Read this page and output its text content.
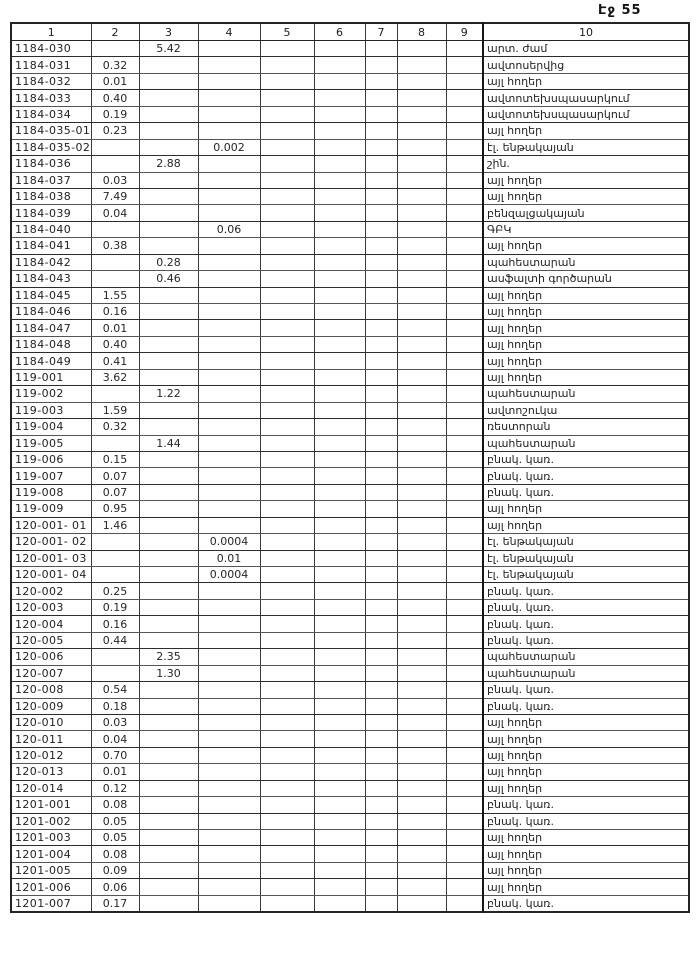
Էջ 55
1	2	3	4	5	6	7	8	9	10
1184-030		5.42							արտ. ժամ
1184-031	0.32								ավտոսերվից
1184-032	0.01								այլ հողեր
1184-033	0.40								ավտոտեխսպասարկում
1184-034	0.19								ավտոտեխսպասարկում
1184-035-01	0.23								այլ հողեր
1184-035-02			0.002						էլ. ենթակայան
1184-036		2.88							շին.
1184-037	0.03								այլ հողեր
1184-038	7.49								այլ հողեր
1184-039	0.04								բենզալցակայան
1184-040			0.06						ԳԲԿ
1184-041	0.38								այլ հողեր
1184-042		0.28							պահեստարան
1184-043		0.46							ասֆալտի գործարան
1184-045	1.55								այլ հողեր
1184-046	0.16								այլ հողեր
1184-047	0.01								այլ հողեր
1184-048	0.40								այլ հողեր
1184-049	0.41								այլ հողեր
119-001	3.62								այլ հողեր
119-002		1.22							պահեստարան
119-003	1.59								ավտոշուկա
119-004	0.32								ռեստորան
119-005		1.44							պահեստարան
119-006	0.15								բնակ. կառ.
119-007	0.07								բնակ. կառ.
119-008	0.07								բնակ. կառ.
119-009	0.95								այլ հողեր
120-001- 01	1.46								այլ հողեր
120-001- 02			0.0004						էլ. ենթակայան
120-001- 03			0.01						էլ. ենթակայան
120-001- 04			0.0004						էլ. ենթակայան
120-002	0.25								բնակ. կառ.
120-003	0.19								բնակ. կառ.
120-004	0.16								բնակ. կառ.
120-005	0.44								բնակ. կառ.
120-006		2.35							պահեստարան
120-007		1.30							պահեստարան
120-008	0.54								բնակ. կառ.
120-009	0.18								բնակ. կառ.
120-010	0.03								այլ հողեր
120-011	0.04								այլ հողեր
120-012	0.70								այլ հողեր
120-013	0.01								այլ հողեր
120-014	0.12								այլ հողեր
1201-001	0.08								բնակ. կառ.
1201-002	0.05								բնակ. կառ.
1201-003	0.05								այլ հողեր
1201-004	0.08								այլ հողեր
1201-005	0.09								այլ հողեր
1201-006	0.06								այլ հողեր
1201-007	0.17								բնակ. կառ.
